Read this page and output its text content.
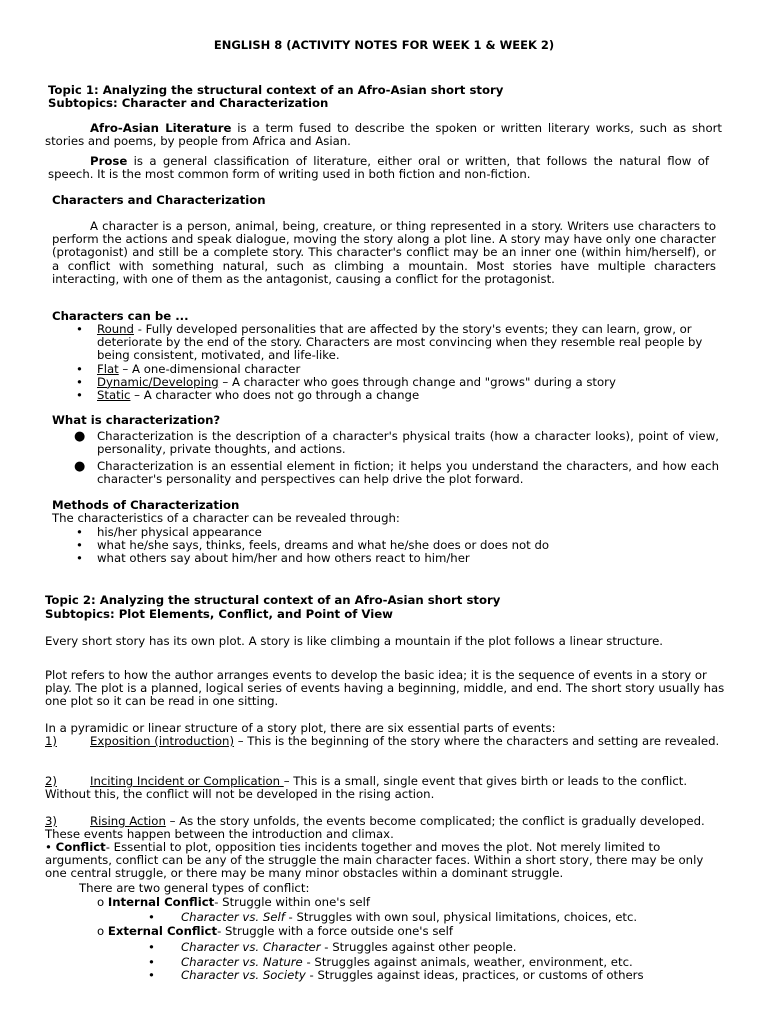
ENGLISH 8 (ACTIVITY NOTES FOR WEEK 1 & WEEK 2)
Topic 1: Analyzing the structural context of an Afro-Asian short story
Subtopics: Character and Characterization

Afro-Asian Literature is a term fused to describe the spoken or written literary works, such as short stories and poems, by people from Africa and Asian.

Prose is a general classification of literature, either oral or written, that follows the natural flow of speech. It is the most common form of writing used in both fiction and non-fiction.

Characters and Characterization

A character is a person, animal, being, creature, or thing represented in a story. Writers use characters to perform the actions and speak dialogue, moving the story along a plot line. A story may have only one character (protagonist) and still be a complete story. This character's conflict may be an inner one (within him/herself), or a conflict with something natural, such as climbing a mountain. Most stories have multiple characters interacting, with one of them as the antagonist, causing a conflict for the protagonist.

Characters can be ...
• Round - Fully developed personalities that are affected by the story's events; they can learn, grow, or deteriorate by the end of the story. Characters are most convincing when they resemble real people by being consistent, motivated, and life-like.
• Flat – A one-dimensional character
• Dynamic/Developing – A character who goes through change and "grows" during a story
• Static – A character who does not go through a change
What is characterization?
● Characterization is the description of a character's physical traits (how a character looks), point of view, personality, private thoughts, and actions.
● Characterization is an essential element in fiction; it helps you understand the characters, and how each character's personality and perspectives can help drive the plot forward.
Methods of Characterization
The characteristics of a character can be revealed through:
• his/her physical appearance
• what he/she says, thinks, feels, dreams and what he/she does or does not do
• what others say about him/her and how others react to him/her
Topic 2: Analyzing the structural context of an Afro-Asian short story
Subtopics: Plot Elements, Conflict, and Point of View
Every short story has its own plot. A story is like climbing a mountain if the plot follows a linear structure.

Plot refers to how the author arranges events to develop the basic idea; it is the sequence of events in a story or play. The plot is a planned, logical series of events having a beginning, middle, and end. The short story usually has one plot so it can be read in one sitting.

In a pyramidic or linear structure of a story plot, there are six essential parts of events:

1)	Exposition (introduction) – This is the beginning of the story where the characters and setting are revealed.

2)	Inciting Incident or Complication – This is a small, single event that gives birth or leads to the conflict. Without this, the conflict will not be developed in the rising action.

3)	Rising Action – As the story unfolds, the events become complicated; the conflict is gradually developed. These events happen between the introduction and climax.

• Conflict- Essential to plot, opposition ties incidents together and moves the plot. Not merely limited to arguments, conflict can be any of the struggle the main character faces. Within a short story, there may be only one central struggle, or there may be many minor obstacles within a dominant struggle.

There are two general types of conflict:
o Internal Conflict- Struggle within one's self
• Character vs. Self - Struggles with own soul, physical limitations, choices, etc.
o External Conflict- Struggle with a force outside one's self
• Character vs. Character - Struggles against other people.
• Character vs. Nature - Struggles against animals, weather, environment, etc.
• Character vs. Society - Struggles against ideas, practices, or customs of others
